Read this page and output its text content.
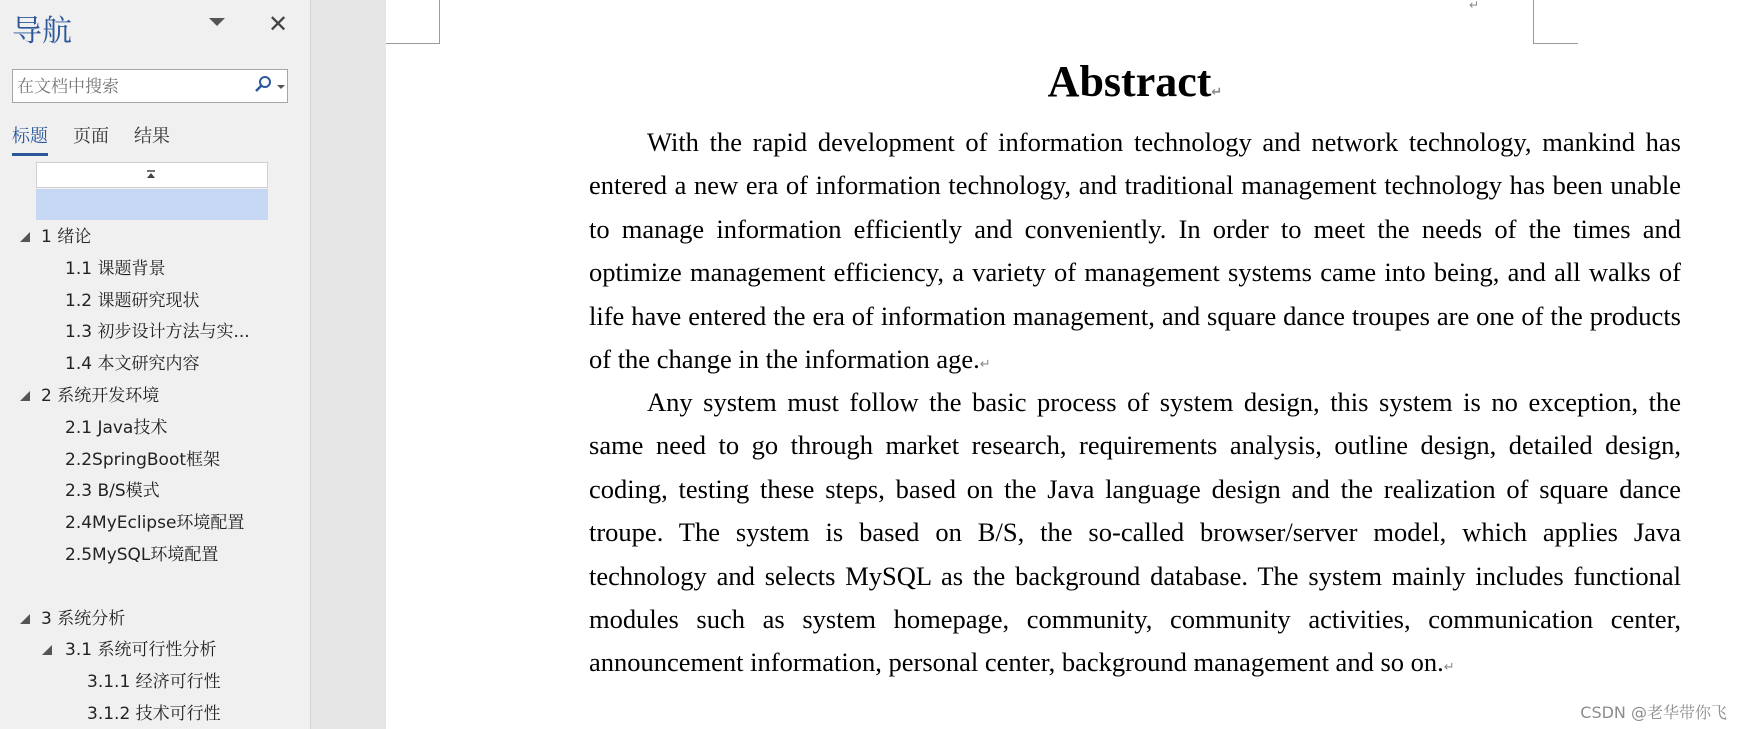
导航	✕
在文档中搜索
标题 页面 结果
1 绪论
1.1 课题背景
1.2 课题研究现状
1.3 初步设计方法与实...
1.4 本文研究内容
2 系统开发环境
2.1 Java技术
2.2SpringBoot框架
2.3 B/S模式
2.4MyEclipse环境配置
2.5MySQL环境配置
3 系统分析
3.1 系统可行性分析
3.1.1 经济可行性
3.1.2 技术可行性
↵
Abstract↵

With the rapid development of information technology and network technology, mankind has entered a new era of information technology, and traditional management technology has been unable to manage information efficiently and conveniently. In order to meet the needs of the times and optimize management efficiency, a variety of management systems came into being, and all walks of life have entered the era of information management, and square dance troupes are one of the products of the change in the information age.↵

Any system must follow the basic process of system design, this system is no exception, the same need to go through market research, requirements analysis, outline design, detailed design, coding, testing these steps, based on the Java language design and the realization of square dance troupe. The system is based on B/S, the so-called browser/server model, which applies Java technology and selects MySQL as the background database. The system mainly includes functional modules such as system homepage, community, community activities, communication center, announcement information, personal center, background management and so on.↵

CSDN @老华带你飞
